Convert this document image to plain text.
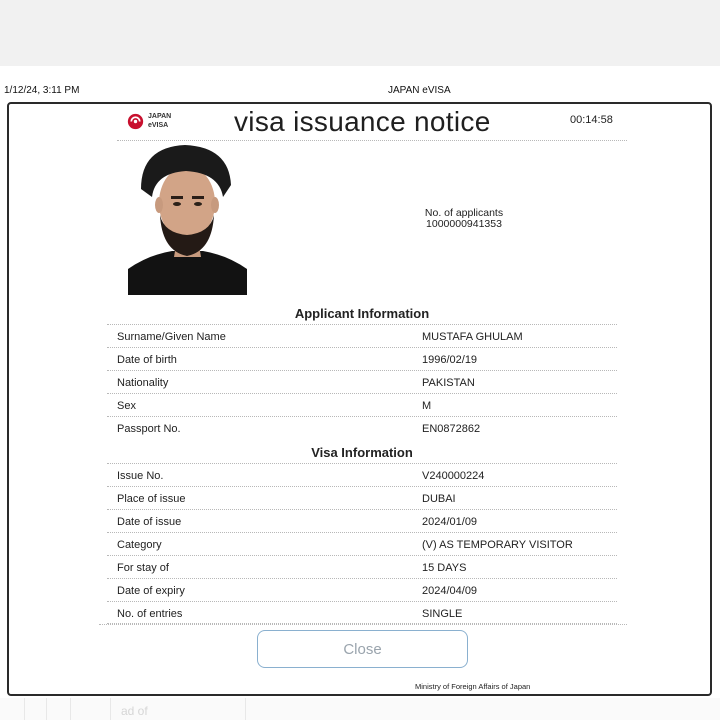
1/12/24, 3:11 PM	JAPAN eVISA
JAPAN
eVISA visa issuance notice	00:14:58
No. of applicants
1000000941353
Applicant Information
Surname/Given Name	MUSTAFA GHULAM
Date of birth	1996/02/19
Nationality	PAKISTAN
Sex	M
Passport No.	EN0872862
Visa Information
Issue No.	V240000224
Place of issue	DUBAI
Date of issue	2024/01/09
Category	(V) AS TEMPORARY VISITOR
For stay of	15 DAYS
Date of expiry	2024/04/09
No. of entries	SINGLE
Close
Ministry of Foreign Affairs of Japan
ad of
